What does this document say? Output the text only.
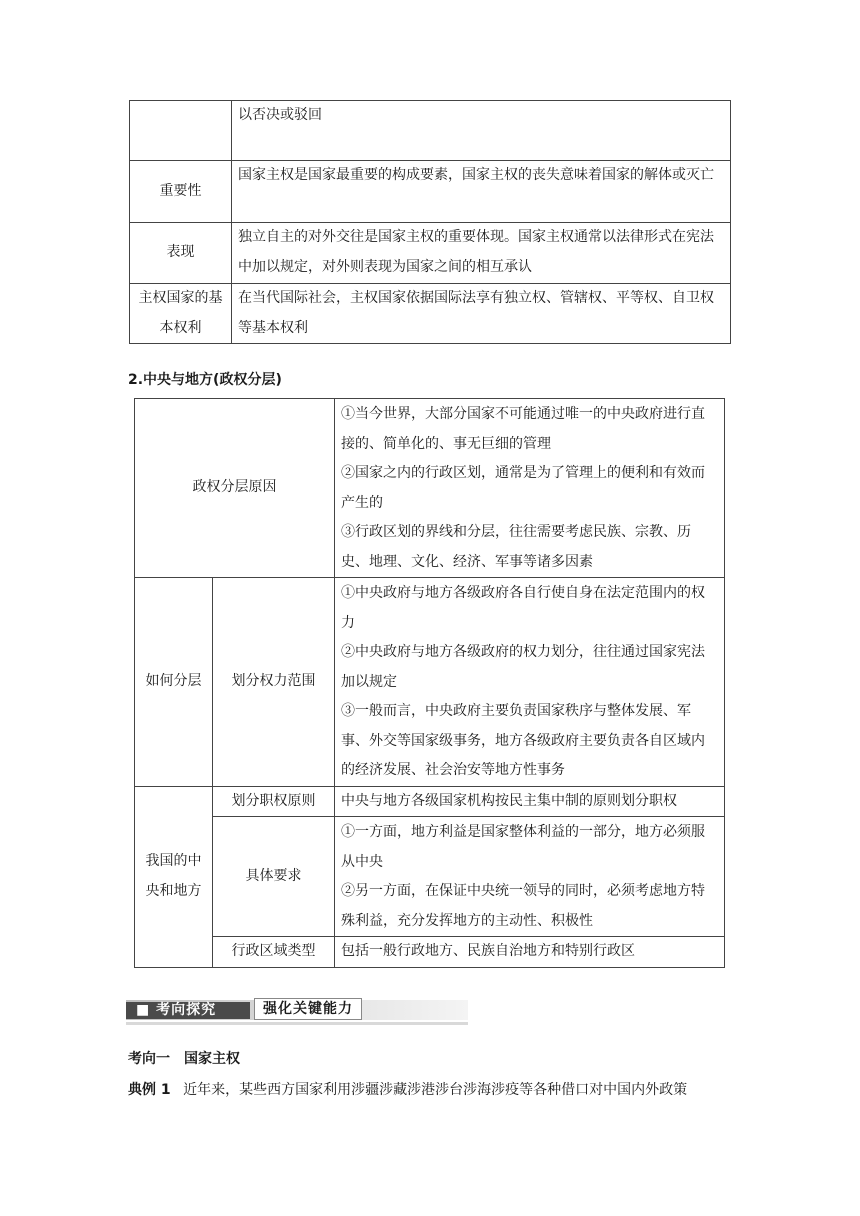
	以否决或驳回
重要性	国家主权是国家最重要的构成要素，国家主权的丧失意味着国家的解体或灭亡
表现	独立自主的对外交往是国家主权的重要体现。国家主权通常以法律形式在宪法中加以规定，对外则表现为国家之间的相互承认
主权国家的基本权利	在当代国际社会，主权国家依据国际法享有独立权、管辖权、平等权、自卫权等基本权利
2.中央与地方(政权分层)
政权分层原因		①当今世界，大部分国家不可能通过唯一的中央政府进行直接的、简单化的、事无巨细的管理
②国家之内的行政区划，通常是为了管理上的便利和有效而产生的
③行政区划的界线和分层，往往需要考虑民族、宗教、历史、地理、文化、经济、军事等诸多因素

如何分层	划分权力范围	①中央政府与地方各级政府各自行使自身在法定范围内的权力
②中央政府与地方各级政府的权力划分，往往通过国家宪法加以规定
③一般而言，中央政府主要负责国家秩序与整体发展、军事、外交等国家级事务，地方各级政府主要负责各自区域内的经济发展、社会治安等地方性事务

我国的中央和地方	划分职权原则	中央与地方各级国家机构按民主集中制的原则划分职权
	具体要求	①一方面，地方利益是国家整体利益的一部分，地方必须服从中央
②另一方面，在保证中央统一领导的同时，必须考虑地方特殊利益，充分发挥地方的主动性、积极性

	行政区域类型	包括一般行政地方、民族自治地方和特别行政区
■ 考向探究	强化关键能力
考向一　国家主权
典例 1 近年来，某些西方国家利用涉疆涉藏涉港涉台涉海涉疫等各种借口对中国内外政策
